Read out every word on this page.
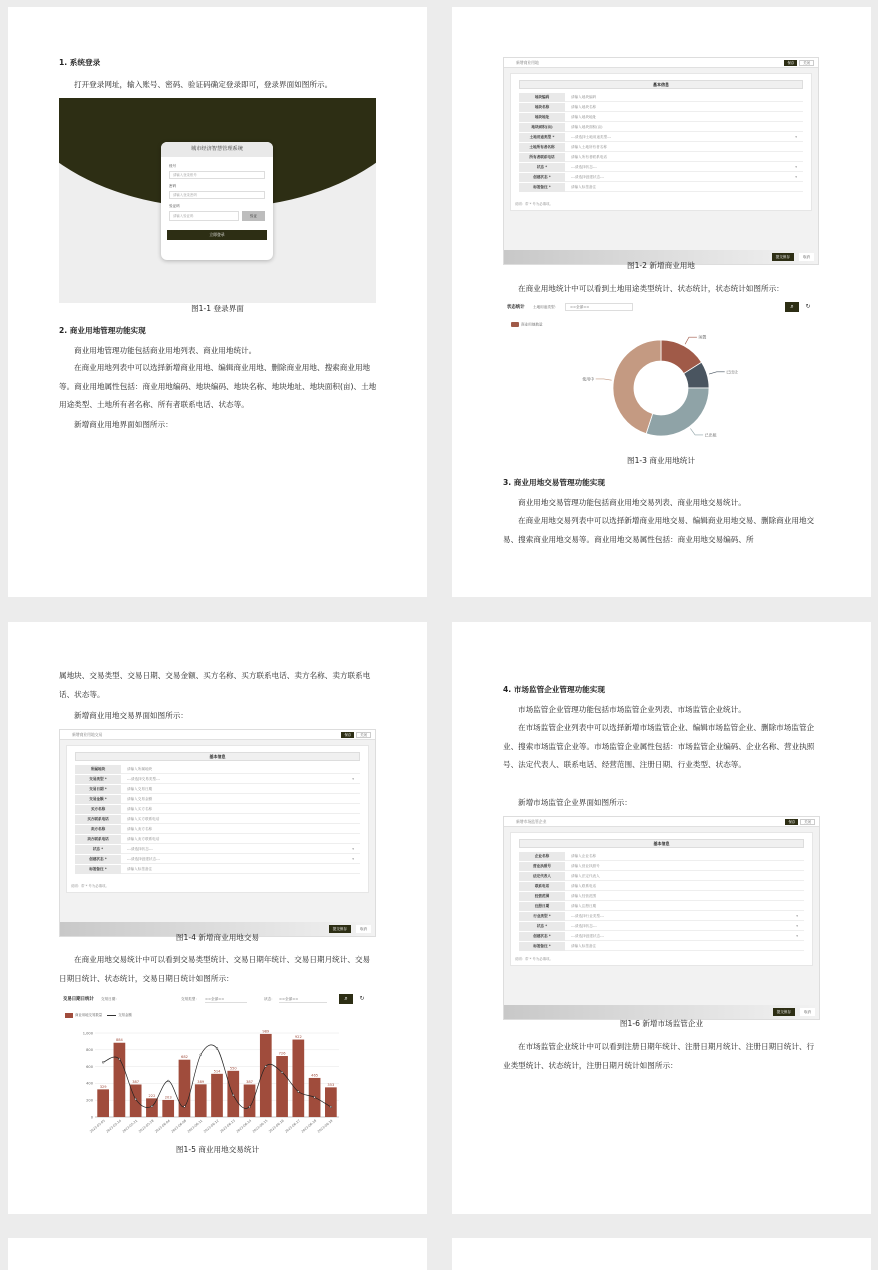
1. 系统登录
打开登录网址，输入账号、密码、验证码确定登录即可，登录界面如图所示。
城市经济智慧管理系统
账号
请输入登录账号
密码
请输入登录密码
验证码
请输入验证码	验证
立即登录
图1-1 登录界面
2. 商业用地管理功能实现
商业用地管理功能包括商业用地列表、商业用地统计。
在商业用地列表中可以选择新增商业用地、编辑商业用地、删除商业用地、搜索商业用地等。商业用地属性包括：商业用地编码、地块编码、地块名称、地块地址、地块面积(亩)、土地用途类型、土地所有者名称、所有者联系电话、状态等。
新增商业用地界面如图所示：
新增商业用地	保存	关闭
基本信息
地块编码	请输入地块编码
地块名称	请输入地块名称
地块地址	请输入地块地址
地块面积(亩)	请输入地块面积(亩)
土地用途类型 *	---请选择土地用途类型---	▾
土地所有者名称	请输入土地所有者名称
所有者联系电话	请输入所有者联系电话
状态 *	---请选择状态---	▾
创建状态 *	---请选择创建状态---	▾
标签备注 *	请输入标签备注
说明：带 * 号为必填项。
提交保存	取消
图1-2 新增商业用地
在商业用地统计中可以看到土地用途类型统计、状态统计，状态统计如图所示：
状态统计 土地用途类型：	==全部==	⌕	↻
商业用地数量
闲置
已出让
已出租
使用中
图1-3 商业用地统计
3. 商业用地交易管理功能实现
商业用地交易管理功能包括商业用地交易列表、商业用地交易统计。
在商业用地交易列表中可以选择新增商业用地交易、编辑商业用地交易、删除商业用地交易、搜索商业用地交易等。商业用地交易属性包括：商业用地交易编码、所
属地块、交易类型、交易日期、交易金额、买方名称、买方联系电话、卖方名称、卖方联系电话、状态等。
新增商业用地交易界面如图所示：
新增商业用地交易	保存	关闭
基本信息
所属地块	请输入所属地块
交易类型 *	---请选择交易类型---	▾
交易日期 *	请输入交易日期
交易金额 *	请输入交易金额
买方名称	请输入买方名称
买方联系电话	请输入买方联系电话
卖方名称	请输入卖方名称
卖方联系电话	请输入卖方联系电话
状态 *	---请选择状态---	▾
创建状态 *	---请选择创建状态---	▾
标签备注 *	请输入标签备注
说明：带 * 号为必填项。
提交保存	取消
图1-4 新增商业用地交易
在商业用地交易统计中可以看到交易类型统计、交易日期年统计、交易日期月统计、交易日期日统计、状态统计，交易日期日统计如图所示：
交易日期日统计 交易日期：	交易类型： ==全部==	状态： ==全部==	⌕	↻
商业用地交易数量	交易金额
0
200
400
600
800
1,000
329
2023-05-05
884
2023-05-14
387
2023-05-21
222
2023-05-28
203
2023-06-04
682
2023-06-08
389
2023-06-11
514
2023-06-12
550
2023-06-13
387
2023-06-14
989
2023-06-15
726
2023-06-16
922
2023-06-17
465
2023-06-18
353
2023-06-19
图1-5 商业用地交易统计
4. 市场监管企业管理功能实现
市场监管企业管理功能包括市场监管企业列表、市场监管企业统计。
在市场监管企业列表中可以选择新增市场监管企业、编辑市场监管企业、删除市场监管企业、搜索市场监管企业等。市场监管企业属性包括：市场监管企业编码、企业名称、营业执照号、法定代表人、联系电话、经营范围、注册日期、行业类型、状态等。
新增市场监管企业界面如图所示：
新增市场监管企业	保存	关闭
基本信息
企业名称	请输入企业名称
营业执照号	请输入营业执照号
法定代表人	请输入法定代表人
联系电话	请输入联系电话
经营范围	请输入经营范围
注册日期	请输入注册日期
行业类型 *	---请选择行业类型---	▾
状态 *	---请选择状态---	▾
创建状态 *	---请选择创建状态---	▾
标签备注 *	请输入标签备注
说明：带 * 号为必填项。
提交保存	取消
图1-6 新增市场监管企业
在市场监管企业统计中可以看到注册日期年统计、注册日期月统计、注册日期日统计、行业类型统计、状态统计，注册日期月统计如图所示：
